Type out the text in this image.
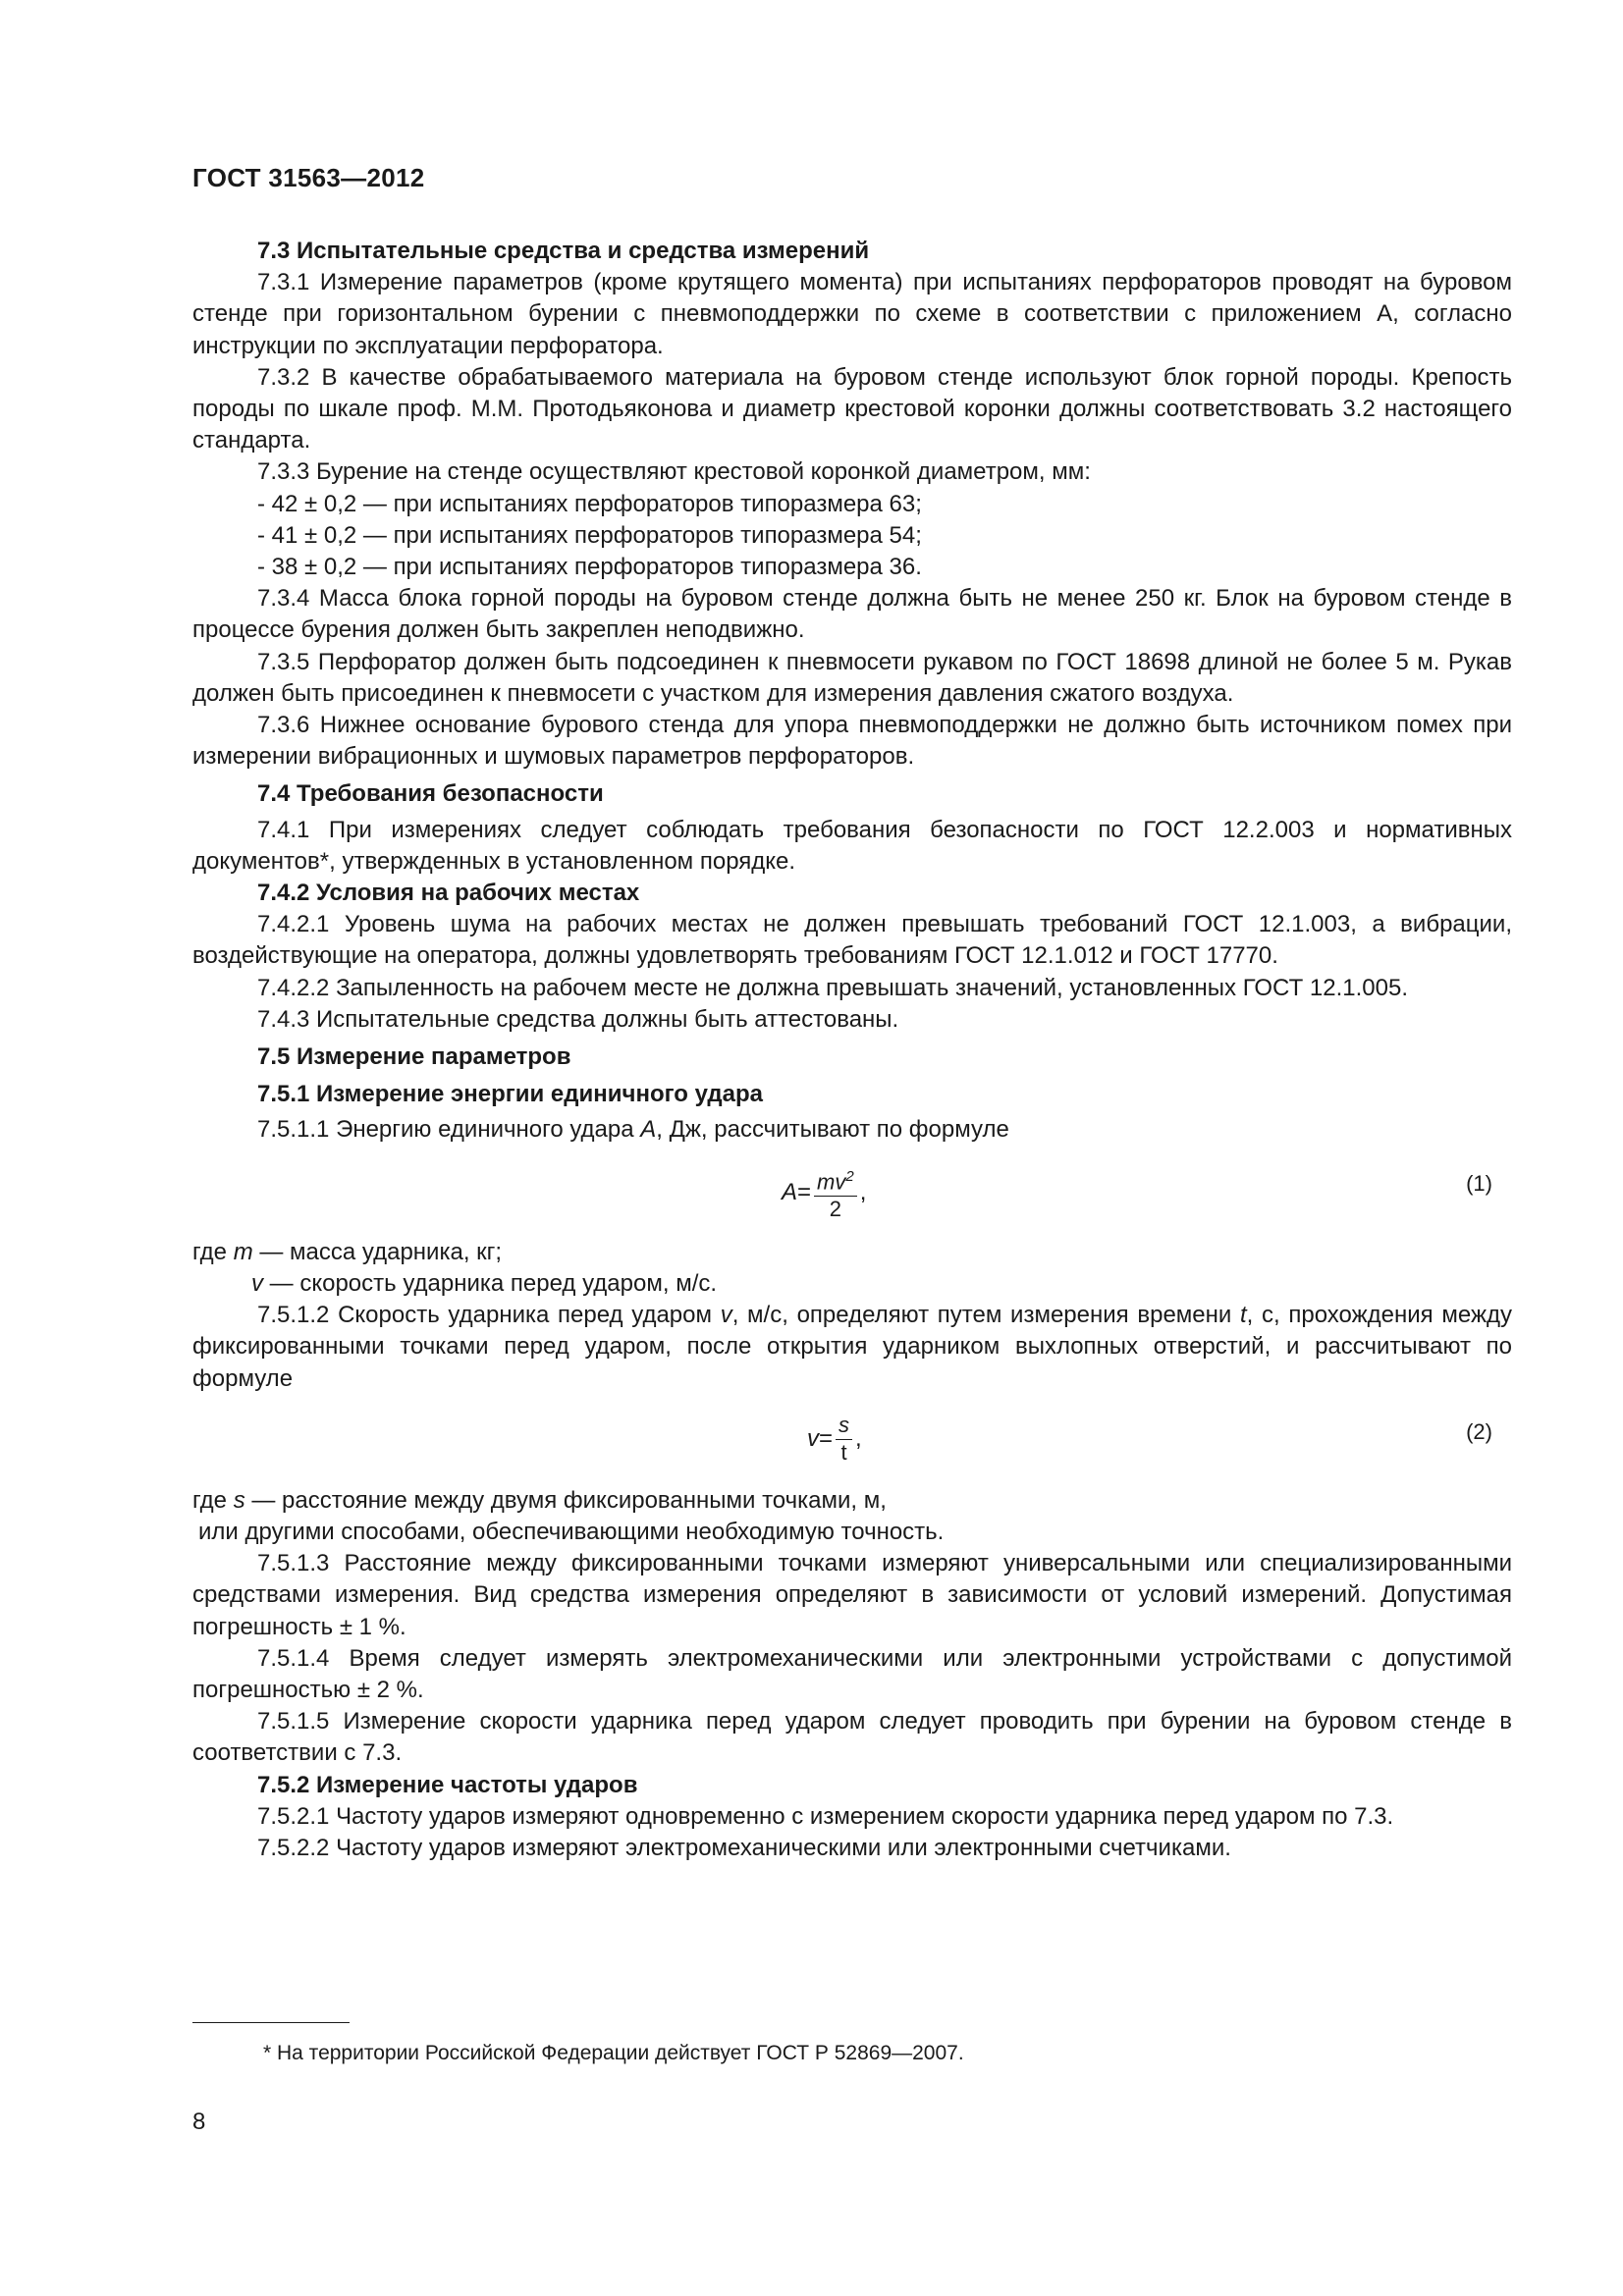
ГОСТ 31563—2012

7.3 Испытательные средства и средства измерений

7.3.1 Измерение параметров (кроме крутящего момента) при испытаниях перфораторов проводят на буровом стенде при горизонтальном бурении с пневмоподдержки по схеме в соответствии с приложением А, согласно инструкции по эксплуатации перфоратора.

7.3.2 В качестве обрабатываемого материала на буровом стенде используют блок горной породы. Крепость породы по шкале проф. М.М. Протодьяконова и диаметр крестовой коронки должны соответствовать 3.2 настоящего стандарта.

7.3.3 Бурение на стенде осуществляют крестовой коронкой диаметром, мм:

- 42 ± 0,2 — при испытаниях перфораторов типоразмера 63;

- 41 ± 0,2 — при испытаниях перфораторов типоразмера 54;

- 38 ± 0,2 — при испытаниях перфораторов типоразмера 36.

7.3.4 Масса блока горной породы на буровом стенде должна быть не менее 250 кг. Блок на буровом стенде в процессе бурения должен быть закреплен неподвижно.

7.3.5 Перфоратор должен быть подсоединен к пневмосети рукавом по ГОСТ 18698 длиной не более 5 м. Рукав должен быть присоединен к пневмосети с участком для измерения давления сжатого воздуха.

7.3.6 Нижнее основание бурового стенда для упора пневмоподдержки не должно быть источником помех при измерении вибрационных и шумовых параметров перфораторов.

7.4 Требования безопасности

7.4.1 При измерениях следует соблюдать требования безопасности по ГОСТ 12.2.003 и нормативных документов*, утвержденных в установленном порядке.

7.4.2 Условия на рабочих местах

7.4.2.1 Уровень шума на рабочих местах не должен превышать требований ГОСТ 12.1.003, а вибрации, воздействующие на оператора, должны удовлетворять требованиям ГОСТ 12.1.012 и ГОСТ 17770.

7.4.2.2 Запыленность на рабочем месте не должна превышать значений, установленных ГОСТ 12.1.005.

7.4.3 Испытательные средства должны быть аттестованы.

7.5 Измерение параметров

7.5.1 Измерение энергии единичного удара

7.5.1.1 Энергию единичного удара A, Дж, рассчитывают по формуле

$A = \frac{mv^2}{2}$ ,	(1)

где m — масса ударника, кг;

v — скорость ударника перед ударом, м/с.

7.5.1.2 Скорость ударника перед ударом v, м/с, определяют путем измерения времени t, с, прохождения между фиксированными точками перед ударом, после открытия ударником выхлопных отверстий, и рассчитывают по формуле

$v = \frac{s}{t}$ ,	(2)

где s — расстояние между двумя фиксированными точками, м,

или другими способами, обеспечивающими необходимую точность.

7.5.1.3 Расстояние между фиксированными точками измеряют универсальными или специализированными средствами измерения. Вид средства измерения определяют в зависимости от условий измерений. Допустимая погрешность ± 1 %.

7.5.1.4 Время следует измерять электромеханическими или электронными устройствами с допустимой погрешностью ± 2 %.

7.5.1.5 Измерение скорости ударника перед ударом следует проводить при бурении на буровом стенде в соответствии с 7.3.

7.5.2 Измерение частоты ударов

7.5.2.1 Частоту ударов измеряют одновременно с измерением скорости ударника перед ударом по 7.3.

7.5.2.2 Частоту ударов измеряют электромеханическими или электронными счетчиками.

* На территории Российской Федерации действует ГОСТ Р 52869—2007.
8
